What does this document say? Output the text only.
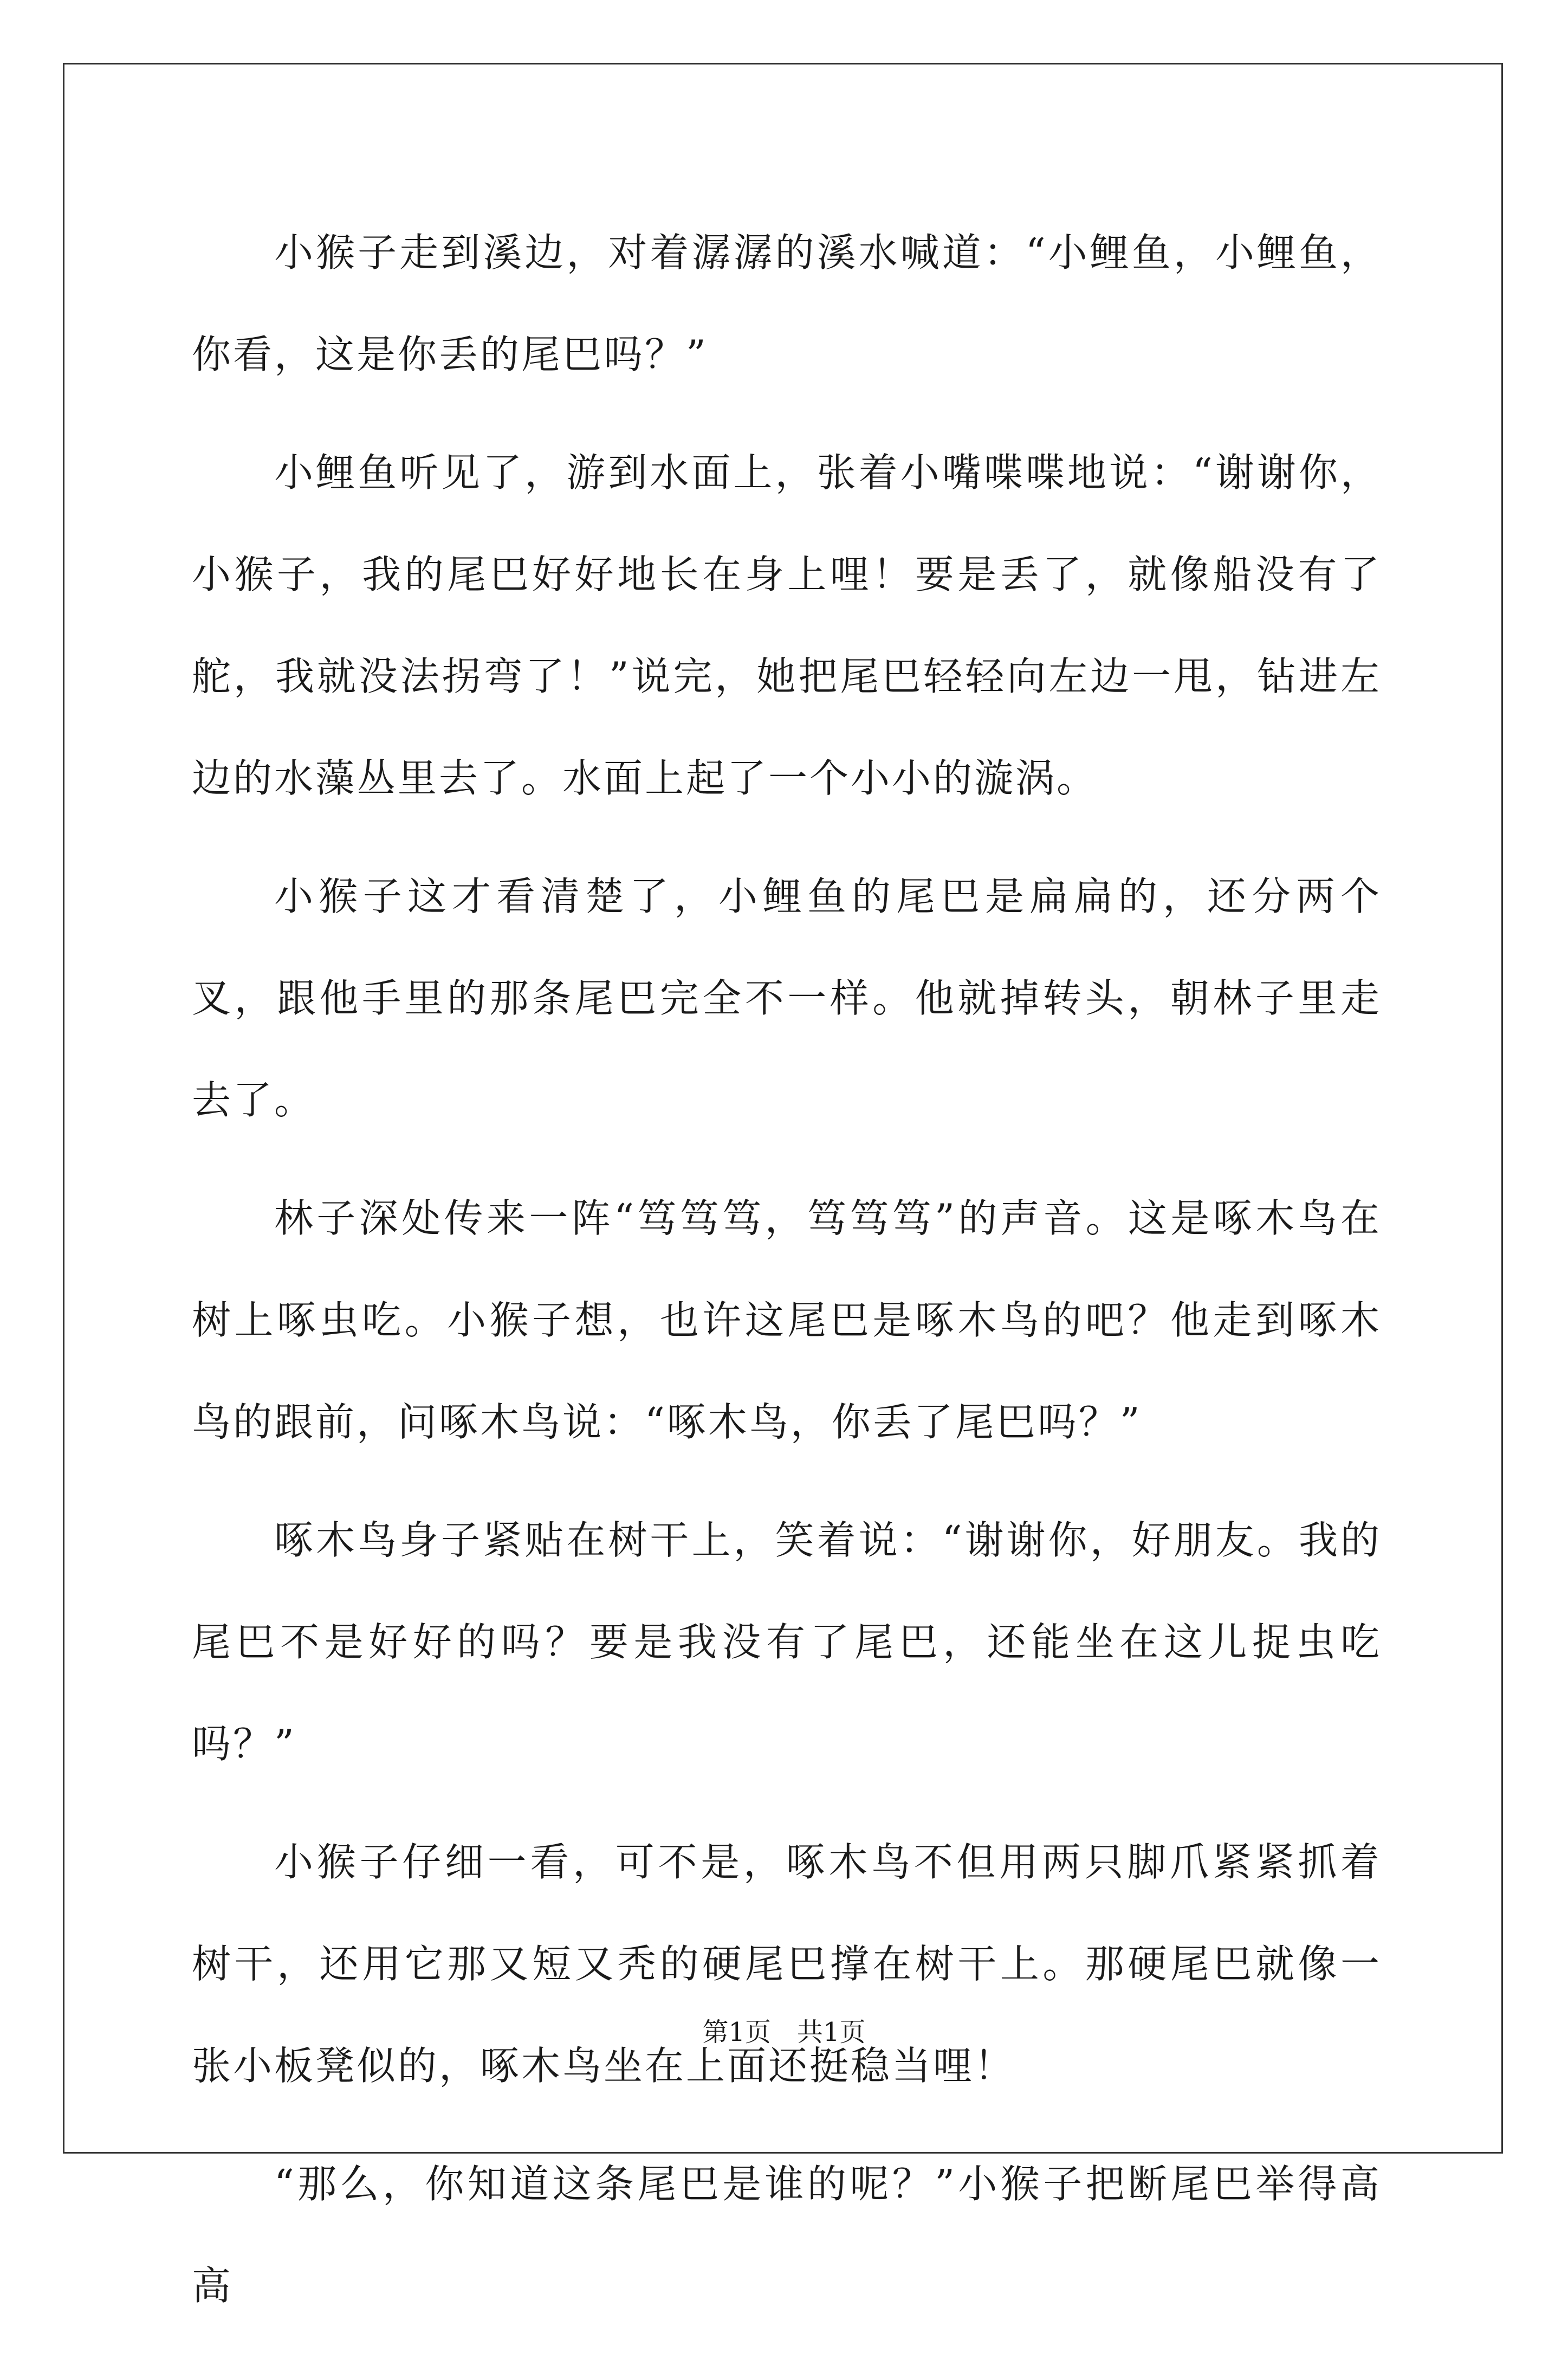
小猴子走到溪边，对着潺潺的溪水喊道：“小鲤鱼，小鲤鱼，你看，这是你丢的尾巴吗？”

小鲤鱼听见了，游到水面上，张着小嘴喋喋地说：“谢谢你，小猴子，我的尾巴好好地长在身上哩！要是丢了，就像船没有了舵，我就没法拐弯了！”说完，她把尾巴轻轻向左边一甩，钻进左边的水藻丛里去了。水面上起了一个小小的漩涡。

小猴子这才看清楚了，小鲤鱼的尾巴是扁扁的，还分两个叉，跟他手里的那条尾巴完全不一样。他就掉转头，朝林子里走去了。

林子深处传来一阵“笃笃笃，笃笃笃”的声音。这是啄木鸟在树上啄虫吃。小猴子想，也许这尾巴是啄木鸟的吧？他走到啄木鸟的跟前，问啄木鸟说：“啄木鸟，你丢了尾巴吗？”

啄木鸟身子紧贴在树干上，笑着说：“谢谢你，好朋友。我的尾巴不是好好的吗？要是我没有了尾巴，还能坐在这儿捉虫吃吗？”

小猴子仔细一看，可不是，啄木鸟不但用两只脚爪紧紧抓着树干，还用它那又短又秃的硬尾巴撑在树干上。那硬尾巴就像一张小板凳似的，啄木鸟坐在上面还挺稳当哩！

“那么，你知道这条尾巴是谁的呢？”小猴子把断尾巴举得高高

第1页　共1页
